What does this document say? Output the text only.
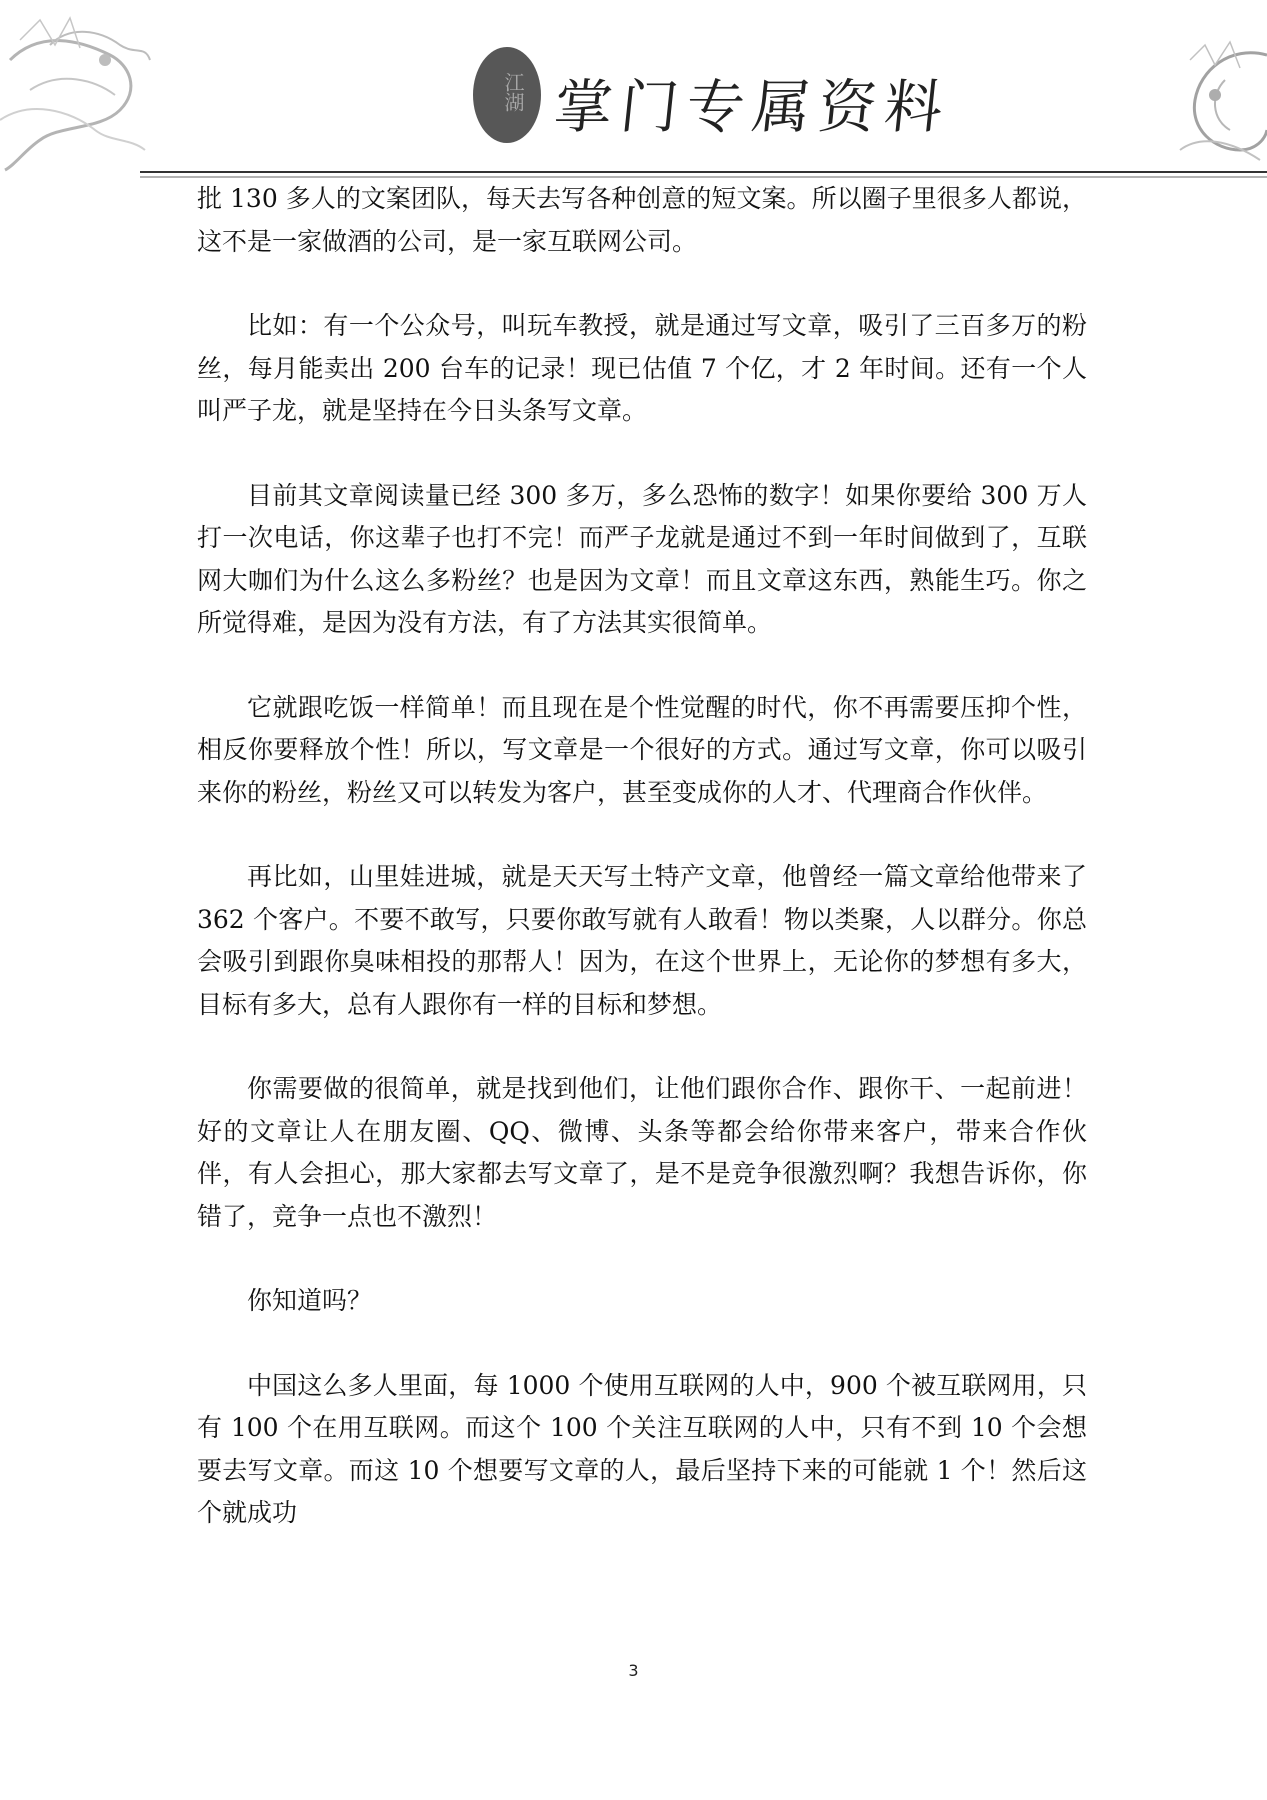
江湖 掌门专属资料

批 130 多人的文案团队，每天去写各种创意的短文案。所以圈子里很多人都说，这不是一家做酒的公司，是一家互联网公司。

比如：有一个公众号，叫玩车教授，就是通过写文章，吸引了三百多万的粉丝，每月能卖出 200 台车的记录！现已估值 7 个亿，才 2 年时间。还有一个人叫严子龙，就是坚持在今日头条写文章。

目前其文章阅读量已经 300 多万，多么恐怖的数字！如果你要给 300 万人打一次电话，你这辈子也打不完！而严子龙就是通过不到一年时间做到了，互联网大咖们为什么这么多粉丝？也是因为文章！而且文章这东西，熟能生巧。你之所觉得难，是因为没有方法，有了方法其实很简单。

它就跟吃饭一样简单！而且现在是个性觉醒的时代，你不再需要压抑个性，相反你要释放个性！所以，写文章是一个很好的方式。通过写文章，你可以吸引来你的粉丝，粉丝又可以转发为客户，甚至变成你的人才、代理商合作伙伴。

再比如，山里娃进城，就是天天写土特产文章，他曾经一篇文章给他带来了 362 个客户。不要不敢写，只要你敢写就有人敢看！物以类聚，人以群分。你总会吸引到跟你臭味相投的那帮人！因为，在这个世界上，无论你的梦想有多大，目标有多大，总有人跟你有一样的目标和梦想。

你需要做的很简单，就是找到他们，让他们跟你合作、跟你干、一起前进！好的文章让人在朋友圈、QQ、微博、头条等都会给你带来客户，带来合作伙伴，有人会担心，那大家都去写文章了，是不是竞争很激烈啊？我想告诉你，你错了，竞争一点也不激烈！

你知道吗？

中国这么多人里面，每 1000 个使用互联网的人中，900 个被互联网用，只有 100 个在用互联网。而这个 100 个关注互联网的人中，只有不到 10 个会想要去写文章。而这 10 个想要写文章的人，最后坚持下来的可能就 1 个！然后这个就成功

3
